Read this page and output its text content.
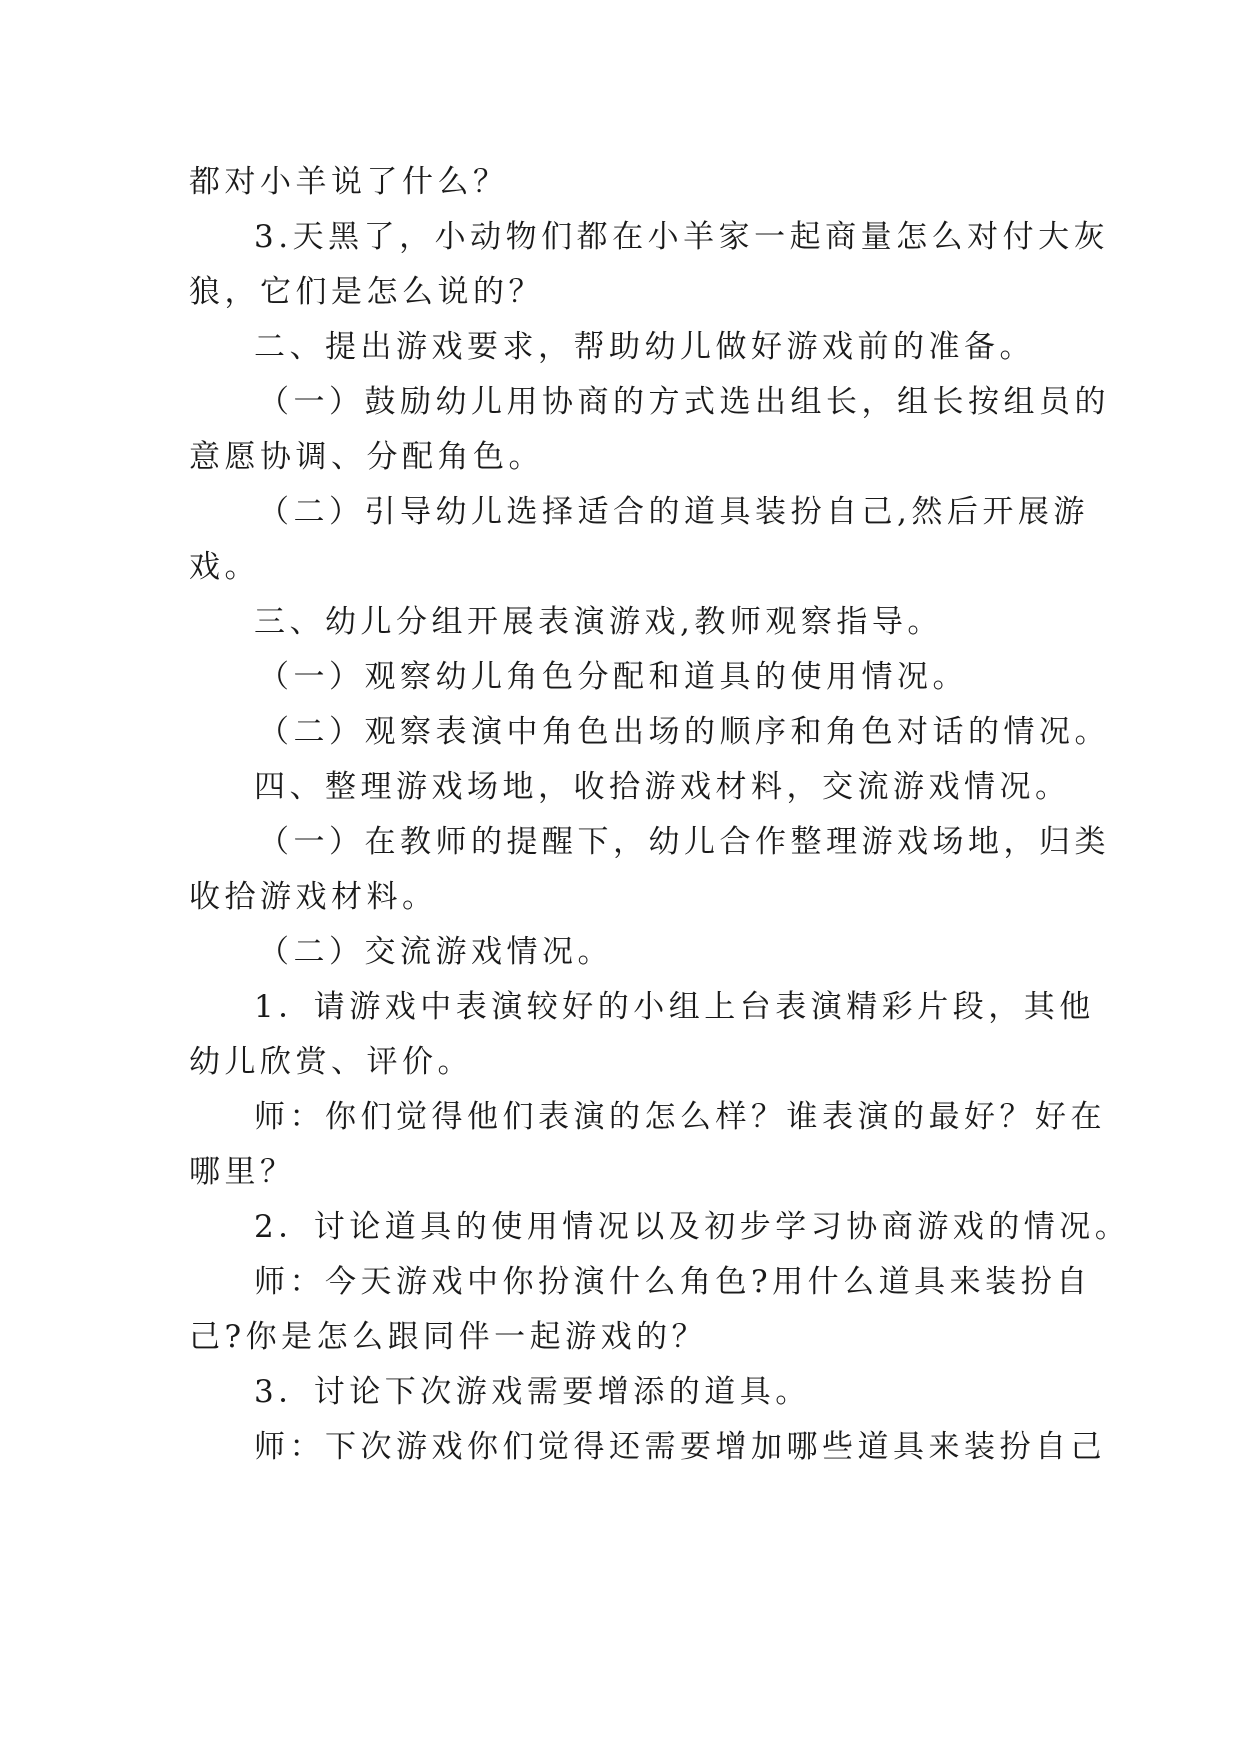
都对小羊说了什么？
3.天黑了，小动物们都在小羊家一起商量怎么对付大灰
狼，它们是怎么说的？
二、提出游戏要求，帮助幼儿做好游戏前的准备。
（一）鼓励幼儿用协商的方式选出组长，组长按组员的
意愿协调、分配角色。
（二）引导幼儿选择适合的道具装扮自己,然后开展游
戏。
三、幼儿分组开展表演游戏,教师观察指导。
（一）观察幼儿角色分配和道具的使用情况。
（二）观察表演中角色出场的顺序和角色对话的情况。
四、整理游戏场地，收拾游戏材料，交流游戏情况。
（一）在教师的提醒下，幼儿合作整理游戏场地，归类
收拾游戏材料。
（二）交流游戏情况。
1．请游戏中表演较好的小组上台表演精彩片段，其他
幼儿欣赏、评价。
师：你们觉得他们表演的怎么样？谁表演的最好？好在
哪里？
2．讨论道具的使用情况以及初步学习协商游戏的情况。
师：今天游戏中你扮演什么角色?用什么道具来装扮自
己?你是怎么跟同伴一起游戏的？
3．讨论下次游戏需要增添的道具。
师：下次游戏你们觉得还需要增加哪些道具来装扮自己
